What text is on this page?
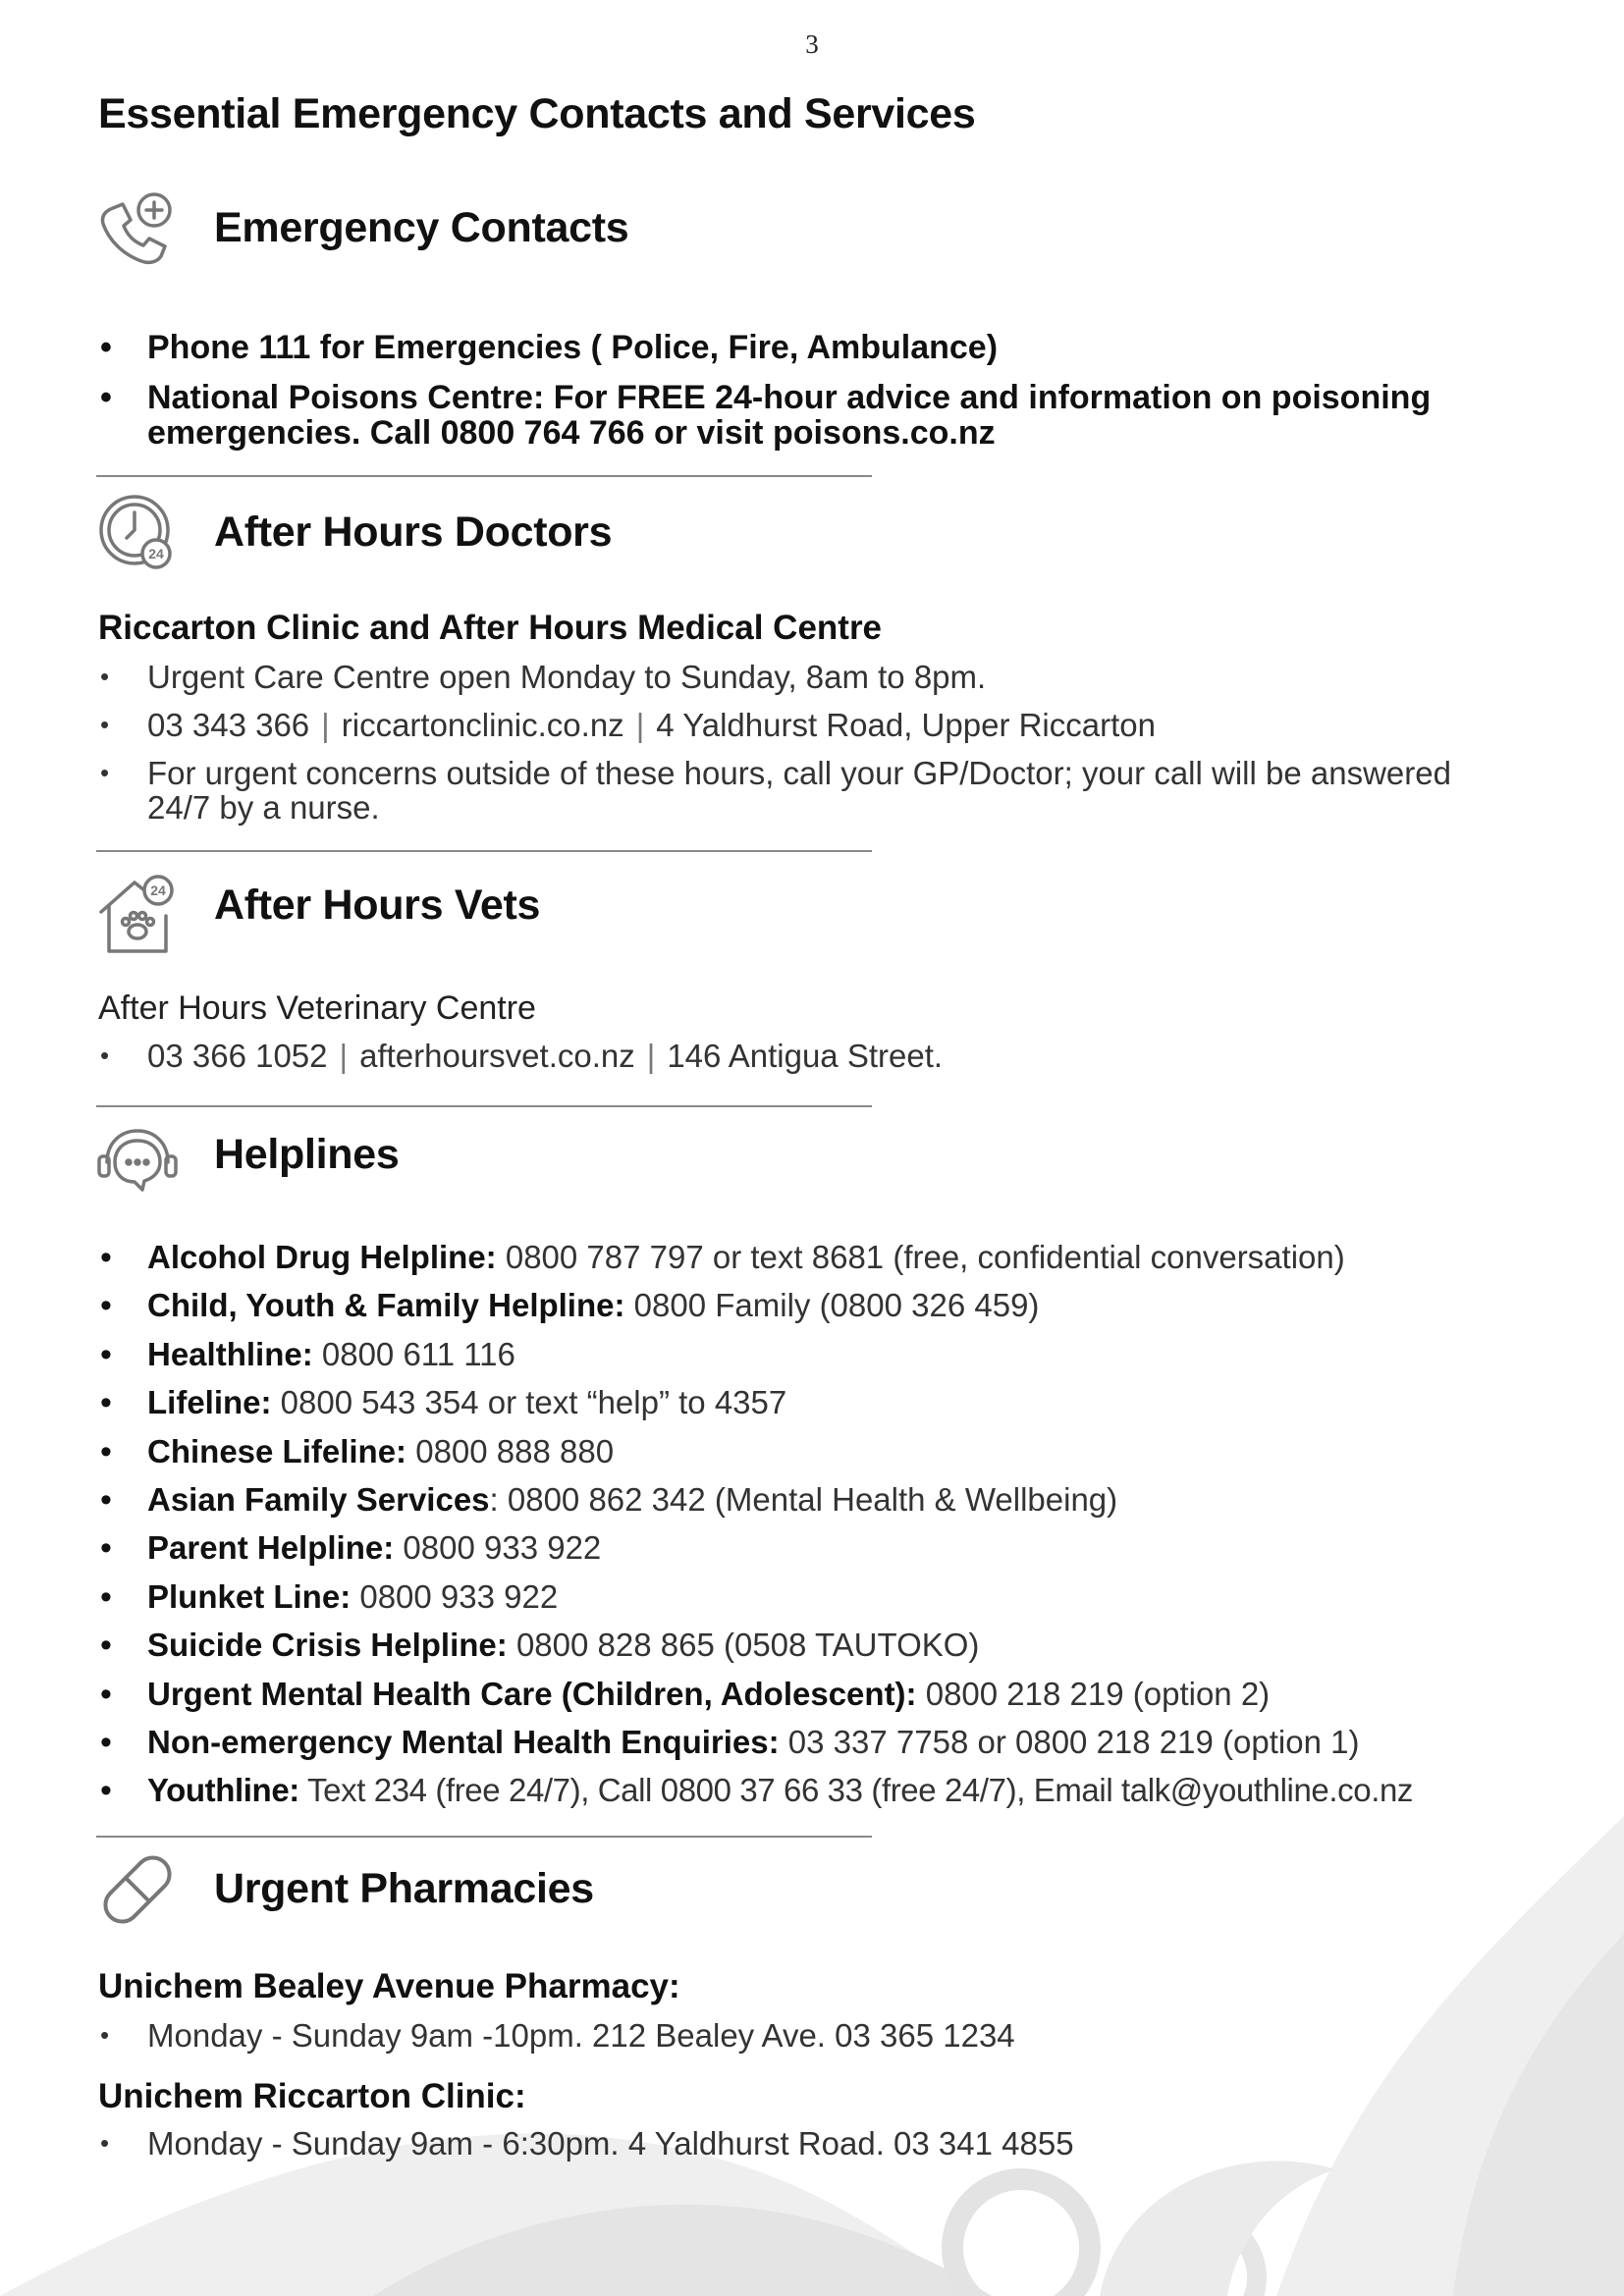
3
Essential Emergency Contacts and Services
Emergency Contacts
• Phone 111 for Emergencies ( Police, Fire, Ambulance)
• National Poisons Centre: For FREE 24-hour advice and information on poisoning emergencies. Call 0800 764 766 or visit poisons.co.nz
24 After Hours Doctors
Riccarton Clinic and After Hours Medical Centre
• Urgent Care Centre open Monday to Sunday, 8am to 8pm.
• 03 343 366 | riccartonclinic.co.nz | 4 Yaldhurst Road, Upper Riccarton
• For urgent concerns outside of these hours, call your GP/Doctor; your call will be answered 24/7 by a nurse.
24 After Hours Vets
After Hours Veterinary Centre
• 03 366 1052 | afterhoursvet.co.nz | 146 Antigua Street.
Helplines
• Alcohol Drug Helpline: 0800 787 797 or text 8681 (free, confidential conversation)
• Child, Youth & Family Helpline: 0800 Family (0800 326 459)
• Healthline: 0800 611 116
• Lifeline: 0800 543 354 or text “help” to 4357
• Chinese Lifeline: 0800 888 880
• Asian Family Services: 0800 862 342 (Mental Health & Wellbeing)
• Parent Helpline: 0800 933 922
• Plunket Line: 0800 933 922
• Suicide Crisis Helpline: 0800 828 865 (0508 TAUTOKO)
• Urgent Mental Health Care (Children, Adolescent): 0800 218 219 (option 2)
• Non-emergency Mental Health Enquiries: 03 337 7758 or 0800 218 219 (option 1)
• Youthline: Text 234 (free 24/7), Call 0800 37 66 33 (free 24/7), Email talk@youthline.co.nz
Urgent Pharmacies
Unichem Bealey Avenue Pharmacy:
• Monday - Sunday 9am -10pm. 212 Bealey Ave. 03 365 1234
Unichem Riccarton Clinic:
• Monday - Sunday 9am - 6:30pm. 4 Yaldhurst Road. 03 341 4855
